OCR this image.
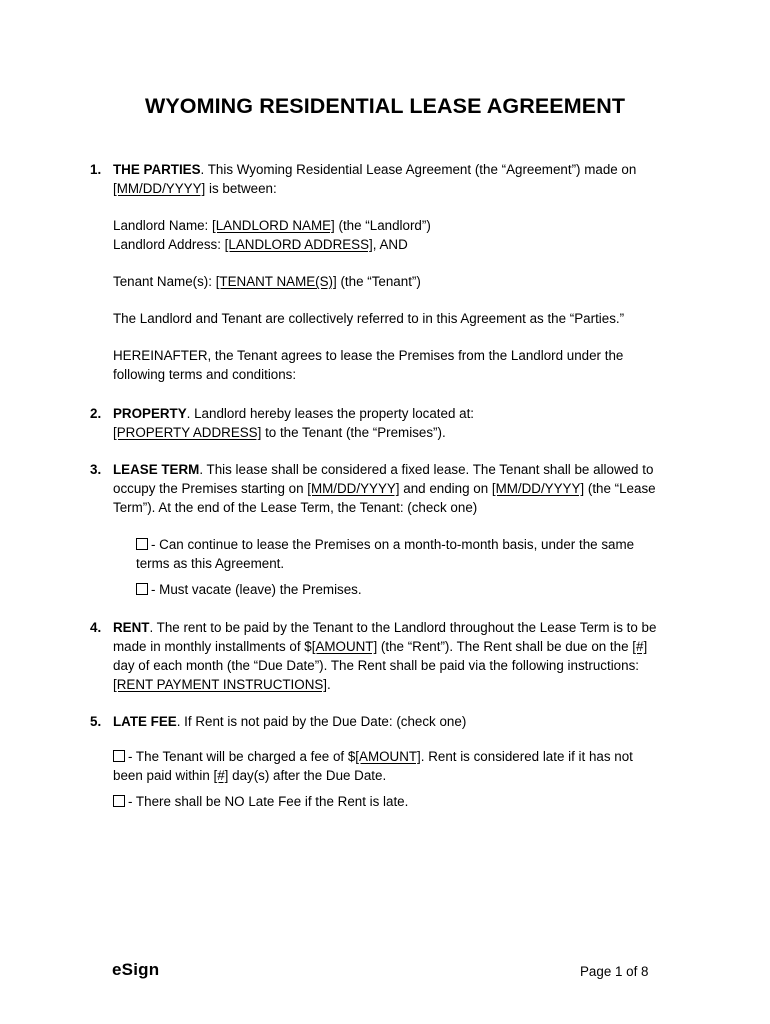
WYOMING RESIDENTIAL LEASE AGREEMENT
1. THE PARTIES. This Wyoming Residential Lease Agreement (the “Agreement”) made on
[MM/DD/YYYY] is between:

Landlord Name: [LANDLORD NAME] (the “Landlord”)
Landlord Address: [LANDLORD ADDRESS], AND

Tenant Name(s): [TENANT NAME(S)] (the “Tenant”)

The Landlord and Tenant are collectively referred to in this Agreement as the “Parties.”

HEREINAFTER, the Tenant agrees to lease the Premises from the Landlord under the
following terms and conditions:

2. PROPERTY. Landlord hereby leases the property located at:
[PROPERTY ADDRESS] to the Tenant (the “Premises”).

3. LEASE TERM. This lease shall be considered a fixed lease. The Tenant shall be allowed to
occupy the Premises starting on [MM/DD/YYYY] and ending on [MM/DD/YYYY] (the “Lease
Term”). At the end of the Lease Term, the Tenant: (check one)

- Can continue to lease the Premises on a month-to-month basis, under the same
terms as this Agreement.

- Must vacate (leave) the Premises.

4. RENT. The rent to be paid by the Tenant to the Landlord throughout the Lease Term is to be
made in monthly installments of $[AMOUNT] (the “Rent”). The Rent shall be due on the [#]
day of each month (the “Due Date”). The Rent shall be paid via the following instructions:
[RENT PAYMENT INSTRUCTIONS].

5. LATE FEE. If Rent is not paid by the Due Date: (check one)

- The Tenant will be charged a fee of $[AMOUNT]. Rent is considered late if it has not
been paid within [#] day(s) after the Due Date.

- There shall be NO Late Fee if the Rent is late.

eSign	Page 1 of 8
